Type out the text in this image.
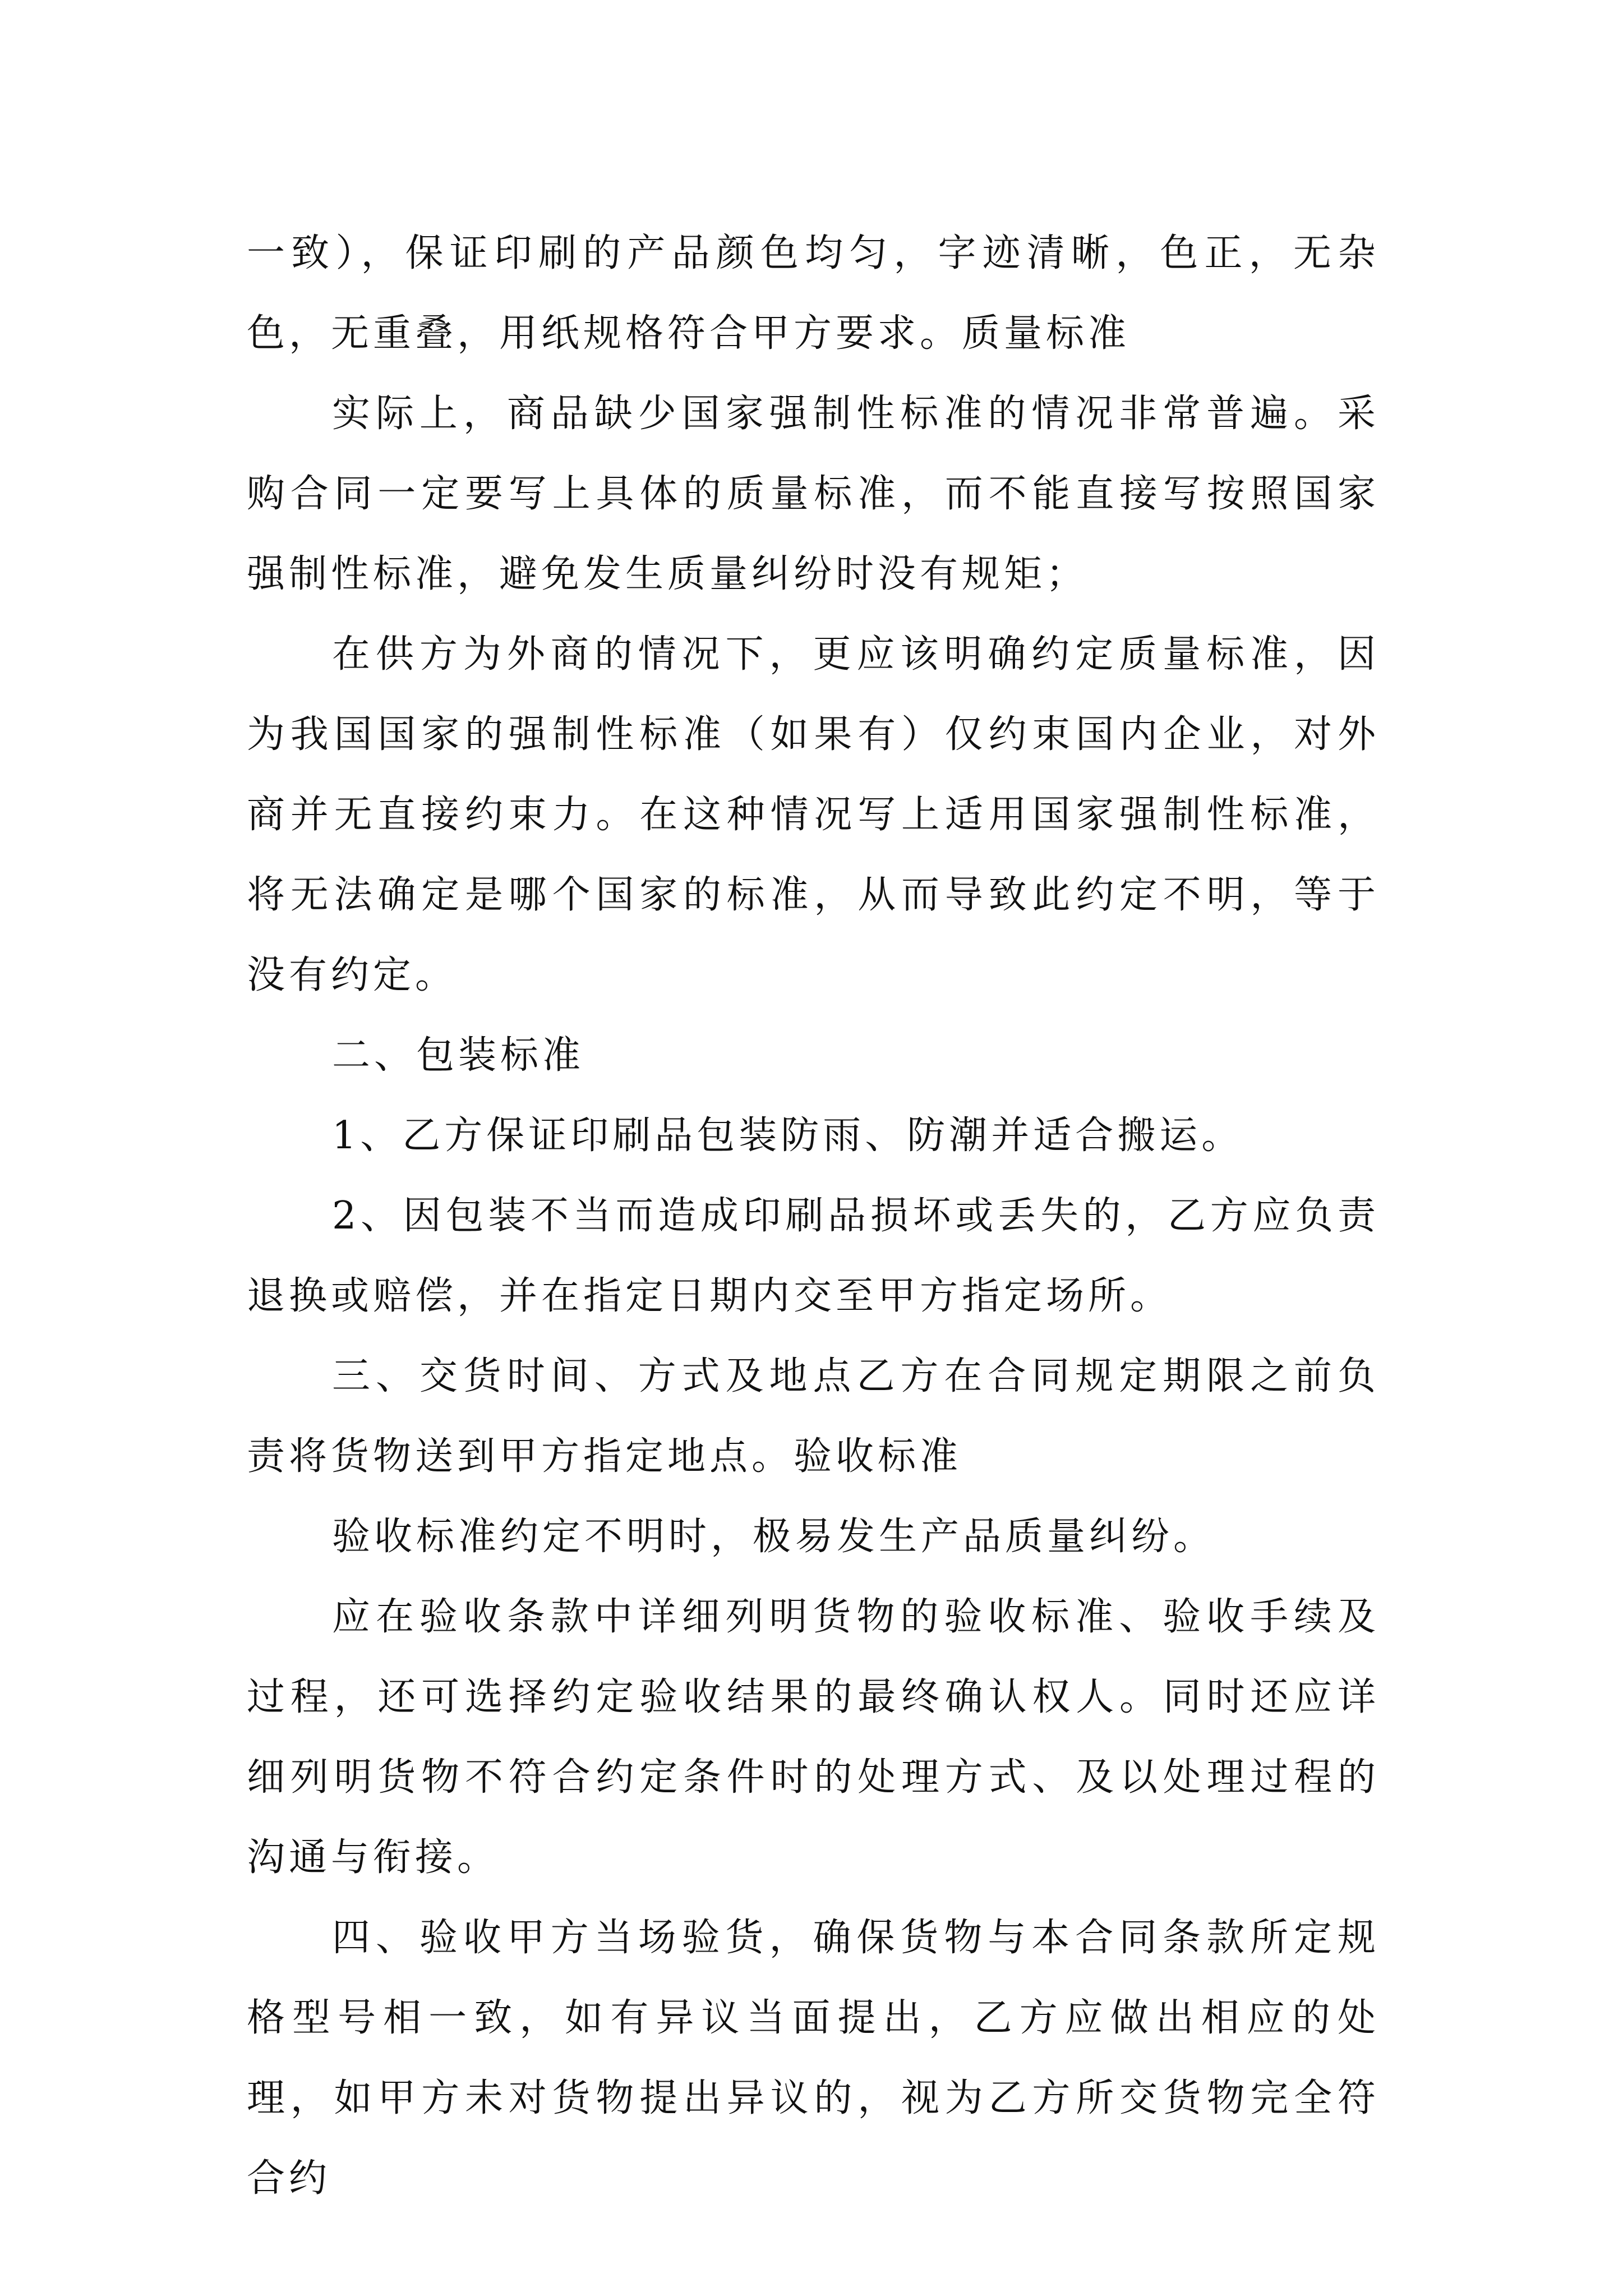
一致），保证印刷的产品颜色均匀，字迹清晰，色正，无杂色，无重叠，用纸规格符合甲方要求。质量标准

实际上，商品缺少国家强制性标准的情况非常普遍。采购合同一定要写上具体的质量标准，而不能直接写按照国家强制性标准，避免发生质量纠纷时没有规矩；

在供方为外商的情况下，更应该明确约定质量标准，因为我国国家的强制性标准（如果有）仅约束国内企业，对外商并无直接约束力。在这种情况写上适用国家强制性标准，将无法确定是哪个国家的标准，从而导致此约定不明，等于没有约定。

二、包装标准

1、乙方保证印刷品包装防雨、防潮并适合搬运。

2、因包装不当而造成印刷品损坏或丢失的，乙方应负责退换或赔偿，并在指定日期内交至甲方指定场所。

三、交货时间、方式及地点乙方在合同规定期限之前负责将货物送到甲方指定地点。验收标准

验收标准约定不明时，极易发生产品质量纠纷。

应在验收条款中详细列明货物的验收标准、验收手续及过程，还可选择约定验收结果的最终确认权人。同时还应详细列明货物不符合约定条件时的处理方式、及以处理过程的沟通与衔接。

四、验收甲方当场验货，确保货物与本合同条款所定规格型号相一致，如有异议当面提出，乙方应做出相应的处理，如甲方未对货物提出异议的，视为乙方所交货物完全符合约
